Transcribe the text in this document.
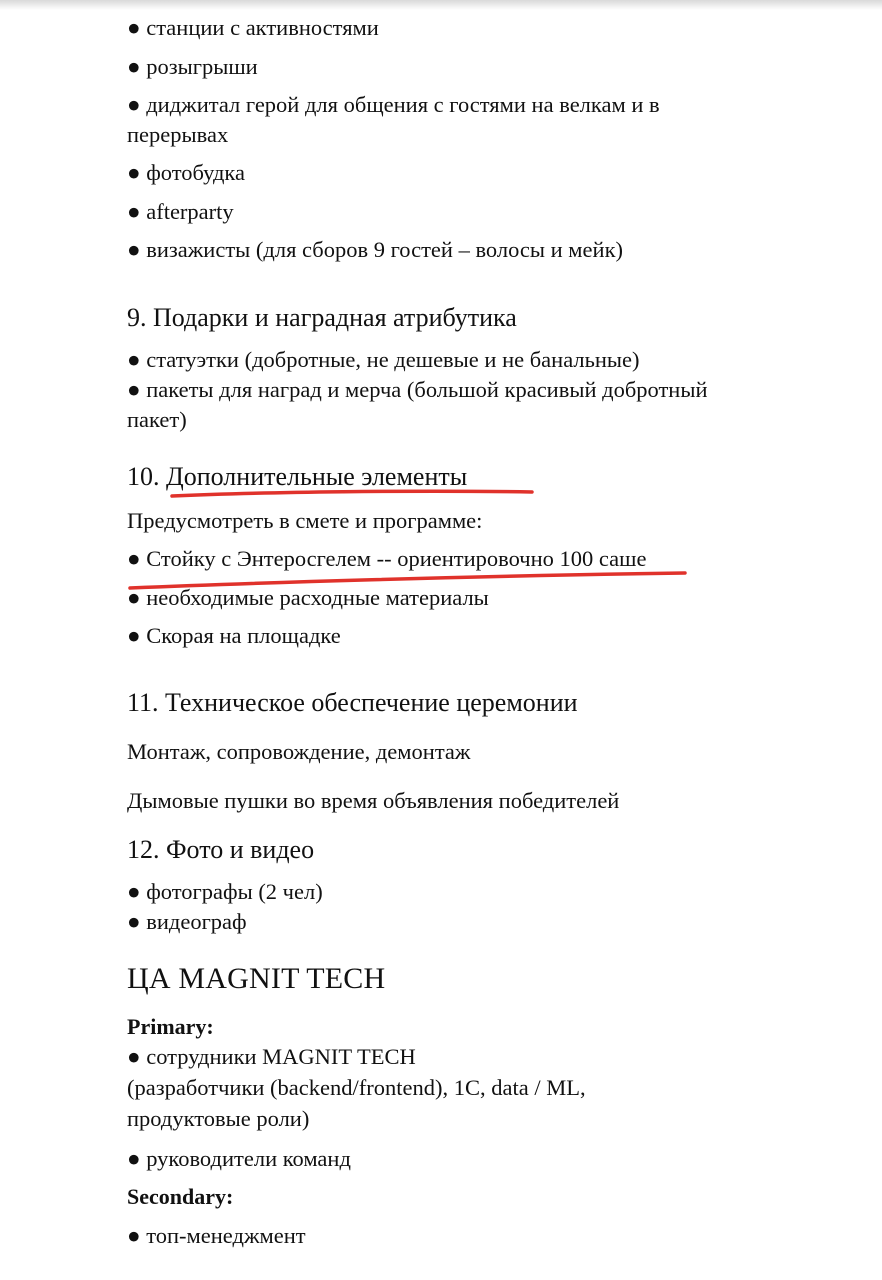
● станции с активностями
● розыгрыши
● диджитал герой для общения с гостями на велкам и в
перерывах
● фотобудка
● afterparty
● визажисты (для сборов 9 гостей – волосы и мейк)
9. Подарки и наградная атрибутика
● статуэтки (добротные, не дешевые и не банальные)
● пакеты для наград и мерча (большой красивый добротный
пакет)
10. Дополнительные элементы
Предусмотреть в смете и программе:
● Стойку с Энтеросгелем -- ориентировочно 100 саше
● необходимые расходные материалы
● Скорая на площадке
11. Техническое обеспечение церемонии
Монтаж, сопровождение, демонтаж
Дымовые пушки во время объявления победителей
12. Фото и видео
● фотографы (2 чел)
● видеограф
ЦА MAGNIT TECH
Primary:
● сотрудники MAGNIT TECH
(разработчики (backend/frontend), 1С, data / ML,
продуктовые роли)
● руководители команд
Secondary:
● топ-менеджмент
